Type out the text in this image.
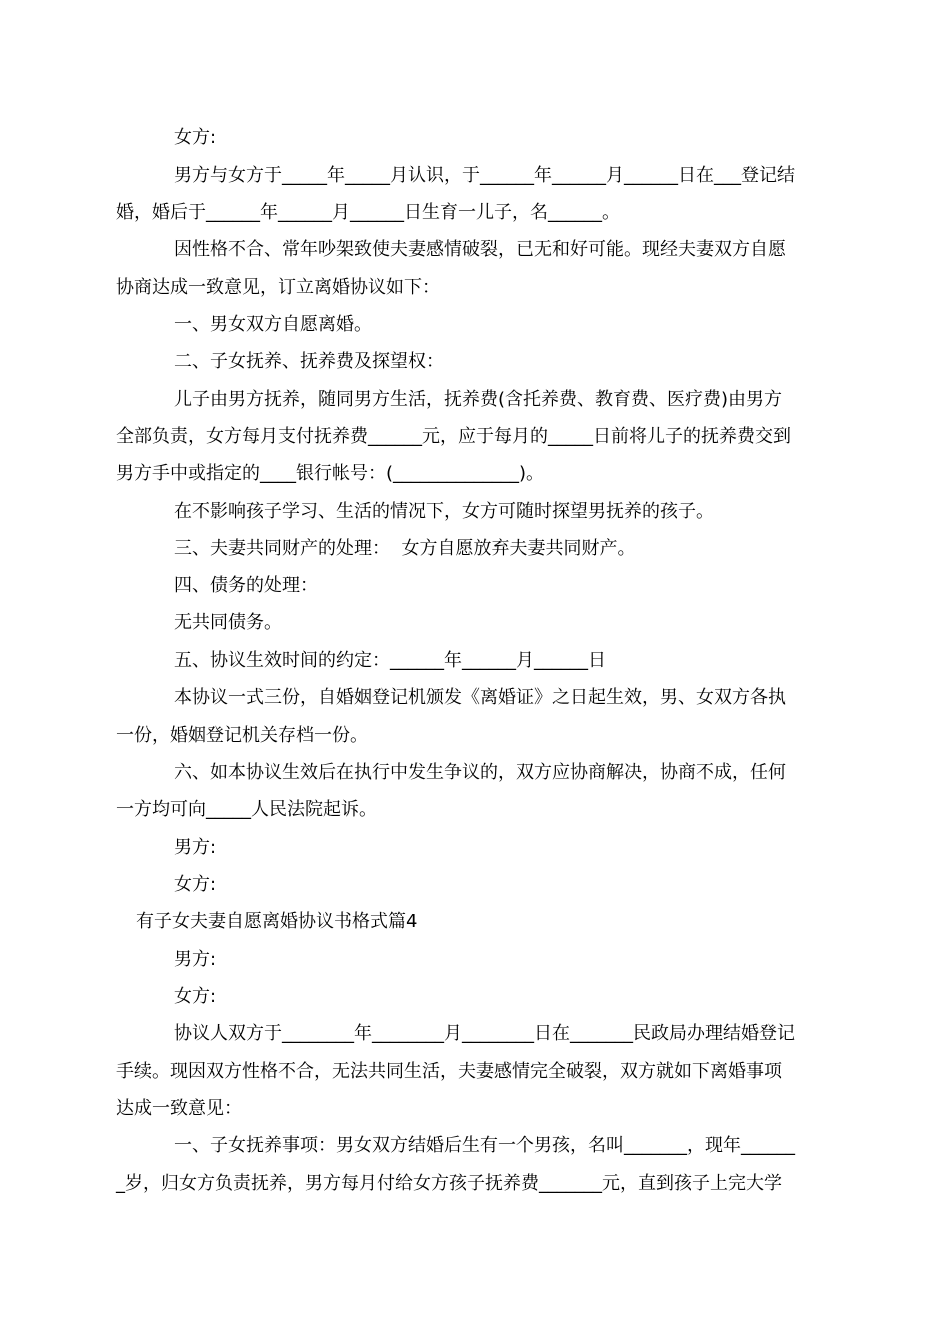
女方:
男方与女方于_____年_____月认识，于______年______月______日在___登记结
婚，婚后于______年______月______日生育一儿子，名______。
因性格不合、常年吵架致使夫妻感情破裂，已无和好可能。现经夫妻双方自愿
协商达成一致意见，订立离婚协议如下：
一、男女双方自愿离婚。
二、子女抚养、抚养费及探望权：
儿子由男方抚养，随同男方生活，抚养费(含托养费、教育费、医疗费)由男方
全部负责，女方每月支付抚养费______元，应于每月的_____日前将儿子的抚养费交到
男方手中或指定的____银行帐号：(______________)。
在不影响孩子学习、生活的情况下，女方可随时探望男抚养的孩子。
三、夫妻共同财产的处理：  女方自愿放弃夫妻共同财产。
四、债务的处理：
无共同债务。
五、协议生效时间的约定：______年______月______日
本协议一式三份，自婚姻登记机颁发《离婚证》之日起生效，男、女双方各执
一份，婚姻登记机关存档一份。
六、如本协议生效后在执行中发生争议的，双方应协商解决，协商不成，任何
一方均可向_____人民法院起诉。
男方:
女方:
有子女夫妻自愿离婚协议书格式篇4
男方:
女方:
协议人双方于________年________月________日在_______民政局办理结婚登记
手续。现因双方性格不合，无法共同生活，夫妻感情完全破裂，双方就如下离婚事项
达成一致意见：
一、子女抚养事项：男女双方结婚后生有一个男孩，名叫_______，现年______
_岁，归女方负责抚养，男方每月付给女方孩子抚养费_______元，直到孩子上完大学
